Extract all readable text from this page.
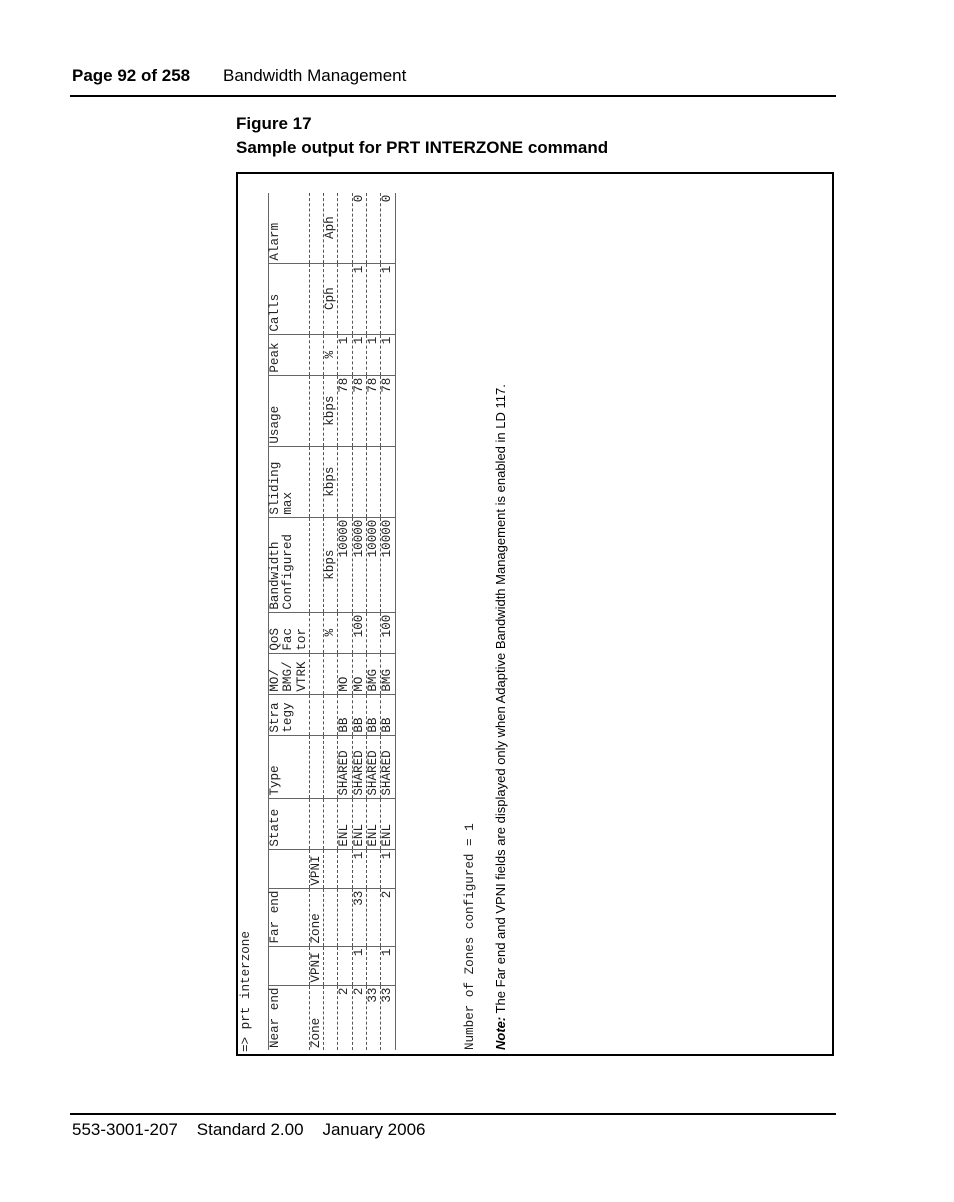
Page 92 of 258 Bandwidth Management
Figure 17
Sample output for PRT INTERZONE command
=> prt interzone Near end		Far end		State	Type	Stra	MO/	QoS	Bandwidth	Sliding	Usage	Peak	Calls	Alarm
						tegy	BMG/	Fac	Configured	max				
							VTRK	tor						
Zone	VPNI	Zone	VPNI											
								%	kbps	kbps	kbps	%	Cph	Aph
2				ENL	SHARED	BB	MO		10000		78	1		
2	1	33	1	ENL	SHARED	BB	MO	100	10000		78	1	1	0
33				ENL	SHARED	BB	BMG		10000		78	1		
33	1	2	1	ENL	SHARED	BB	BMG	100	10000		78	1	1	0
Number of Zones configured = 1 Note: The Far end and VPNI fields are displayed only when Adaptive Bandwidth Management is enabled in LD 117.
553-3001-207    Standard 2.00    January 2006
